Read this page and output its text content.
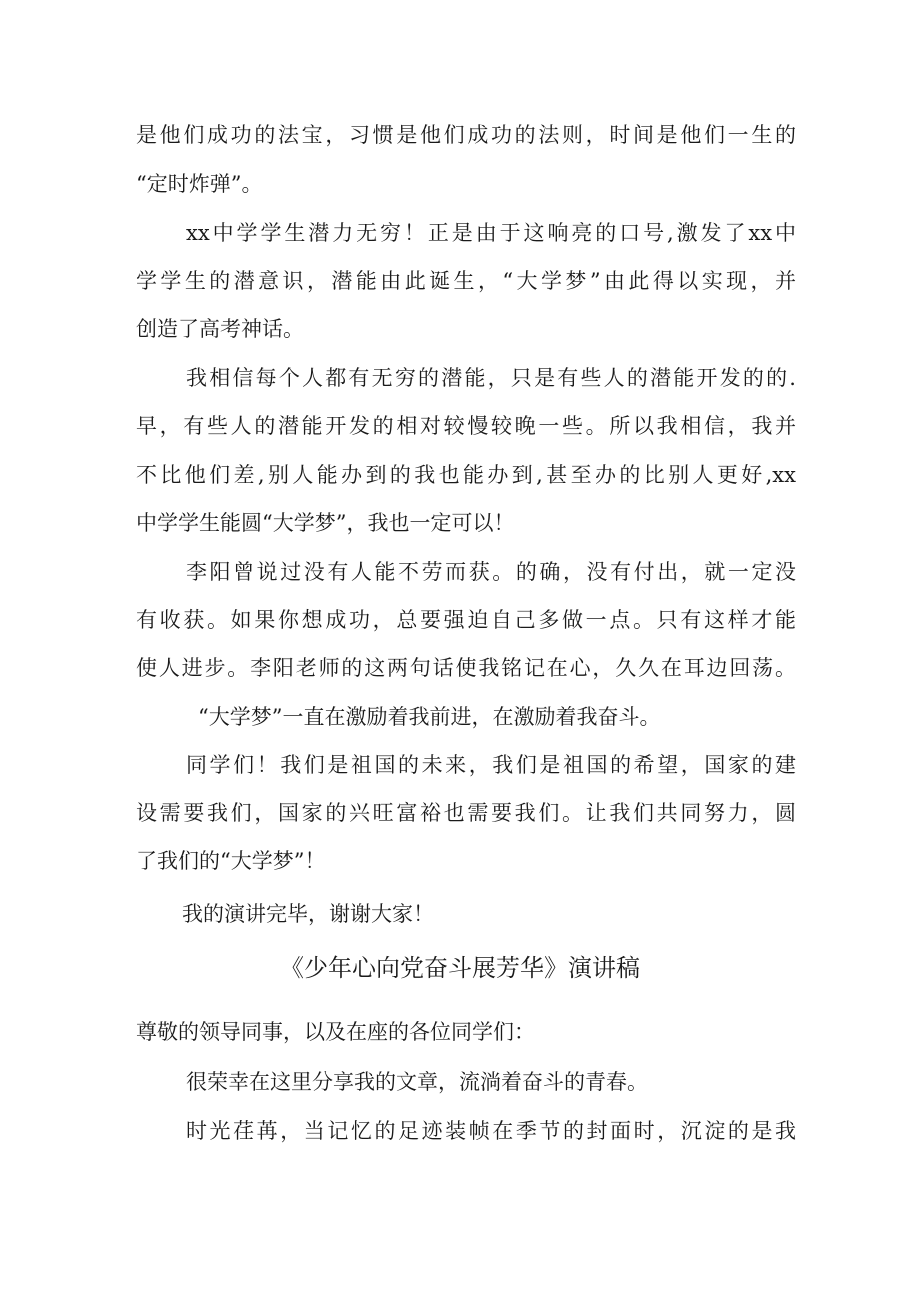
是他们成功的法宝，习惯是他们成功的法则，时间是他们一生的

“定时炸弹”。

xx中学学生潜力无穷！正是由于这响亮的口号,激发了xx中

学学生的潜意识，潜能由此诞生，“大学梦”由此得以实现，并

创造了高考神话。

我相信每个人都有无穷的潜能，只是有些人的潜能开发的的.

早，有些人的潜能开发的相对较慢较晚一些。所以我相信，我并

不比他们差,别人能办到的我也能办到,甚至办的比别人更好,xx

中学学生能圆“大学梦”，我也一定可以！

李阳曾说过没有人能不劳而获。的确，没有付出，就一定没

有收获。如果你想成功，总要强迫自己多做一点。只有这样才能

使人进步。李阳老师的这两句话使我铭记在心，久久在耳边回荡。

“大学梦”一直在激励着我前进，在激励着我奋斗。

同学们！我们是祖国的未来，我们是祖国的希望，国家的建

设需要我们，国家的兴旺富裕也需要我们。让我们共同努力，圆

了我们的“大学梦”！

我的演讲完毕，谢谢大家！

《少年心向党奋斗展芳华》演讲稿

尊敬的领导同事，以及在座的各位同学们：

很荣幸在这里分享我的文章，流淌着奋斗的青春。

时光荏苒，当记忆的足迹装帧在季节的封面时，沉淀的是我
